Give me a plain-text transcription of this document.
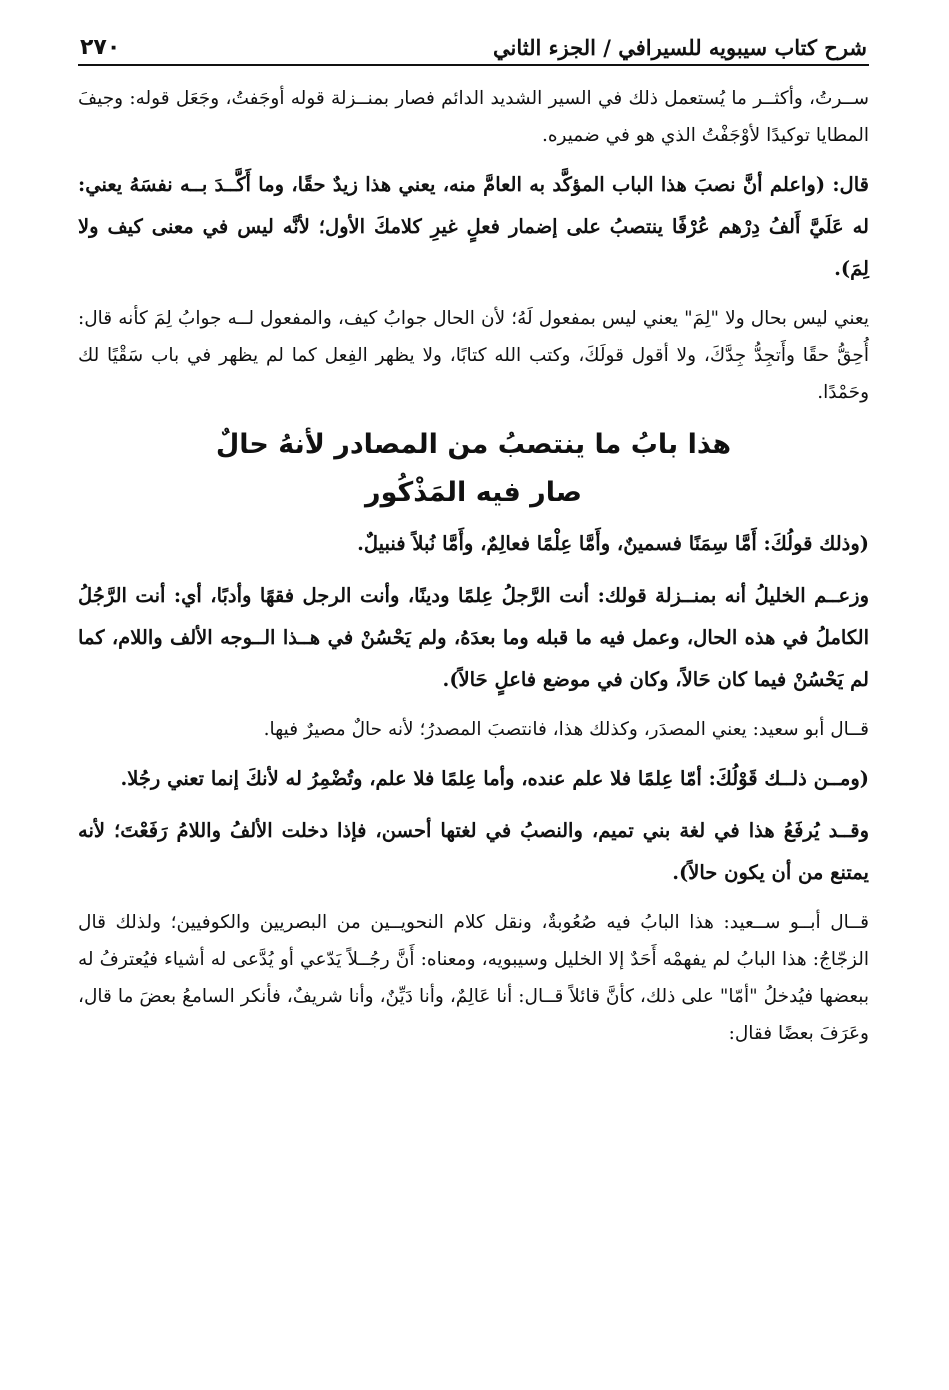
شرح كتاب سيبويه للسيرافي / الجزء الثاني
٢٧٠

ســرتُ، وأكثــر ما يُستعمل ذلك في السير الشديد الدائم فصار بمنــزلة قوله أوجَفتُ، وجَعَل قوله: وجيفَ المطايا توكيدًا لأوْجَفْتُ الذي هو في ضميره.

قال: (واعلم أنَّ نصبَ هذا الباب المؤكَّد به العامَّ منه، يعني هذا زيدٌ حقًا، وما أَكَّــدَ بــه نفسَهُ يعني: له عَلَيَّ أَلفُ دِرْهم عُرْفًا ينتصبُ على إضمار فعلٍ غيرِ كلامكَ الأول؛ لأنَّه ليس في معنى كيف ولا لِمَ).

يعني ليس بحال ولا "لِمَ" يعني ليس بمفعول لَهُ؛ لأن الحال جوابُ كيف، والمفعول لــه جوابُ لِمَ كأنه قال: أُحِقُّ حقًا وأَتجِدُّ جِدَّكَ، ولا أقول قولَكَ، وكتب الله كتابًا، ولا يظهر الفِعل كما لم يظهر في باب سَقْيًا لك وحَمْدًا.

هذا بابُ ما ينتصبُ من المصادر لأنهُ حالٌ
صار فيه المَذْكُور

(وذلك قولُكَ: أَمَّا سِمَنًا فسمينٌ، وأَمَّا عِلْمًا فعالِمٌ، وأَمَّا نُبلاً فنبيلٌ.

وزعــم الخليلُ أنه بمنــزلة قولك: أنت الرَّجلُ عِلمًا ودينًا، وأنت الرجل فقهًا وأدبًا، أي: أنت الرَّجُلُ الكاملُ في هذه الحال، وعمل فيه ما قبله وما بعدَهُ، ولم يَحْسُنْ في هــذا الــوجه الألف واللام، كما لم يَحْسُنْ فيما كان حَالاً، وكان في موضع فاعلٍ حَالاً).

قــال أبو سعيد: يعني المصدَر، وكذلك هذا، فانتصبَ المصدرُ؛ لأنه حالٌ مصيرٌ فيها.

(ومــن ذلــك قَوْلُكَ: أمّا عِلمًا فلا علم عنده، وأما عِلمًا فلا علم، وتُضْمِرُ له لأنكَ إنما تعني رجُلا.

وقــد يُرفَعُ هذا في لغة بني تميم، والنصبُ في لغتها أحسن، فإذا دخلت الألفُ واللامُ رَفَعْتَ؛ لأنه يمتنع من أن يكون حالاً).

قــال أبــو ســعيد: هذا البابُ فيه صُعُوبةٌ، ونقل كلام النحويــين من البصريين والكوفيين؛ ولذلك قال الزجّاجُ: هذا البابُ لم يفهمْه أَحَدٌ إلا الخليل وسيبويه، ومعناه: أَنَّ رجُــلاً يَدّعي أو يُدَّعى له أشياء فيُعترفُ له ببعضها فيُدخلُ "أمّا" على ذلك، كأنَّ قائلاً قــال: أنا عَالِمٌ، وأنا دَيِّنٌ، وأنا شريفٌ، فأنكر السامعُ بعضَ ما قال، وعَرَفَ بعضًا فقال:
